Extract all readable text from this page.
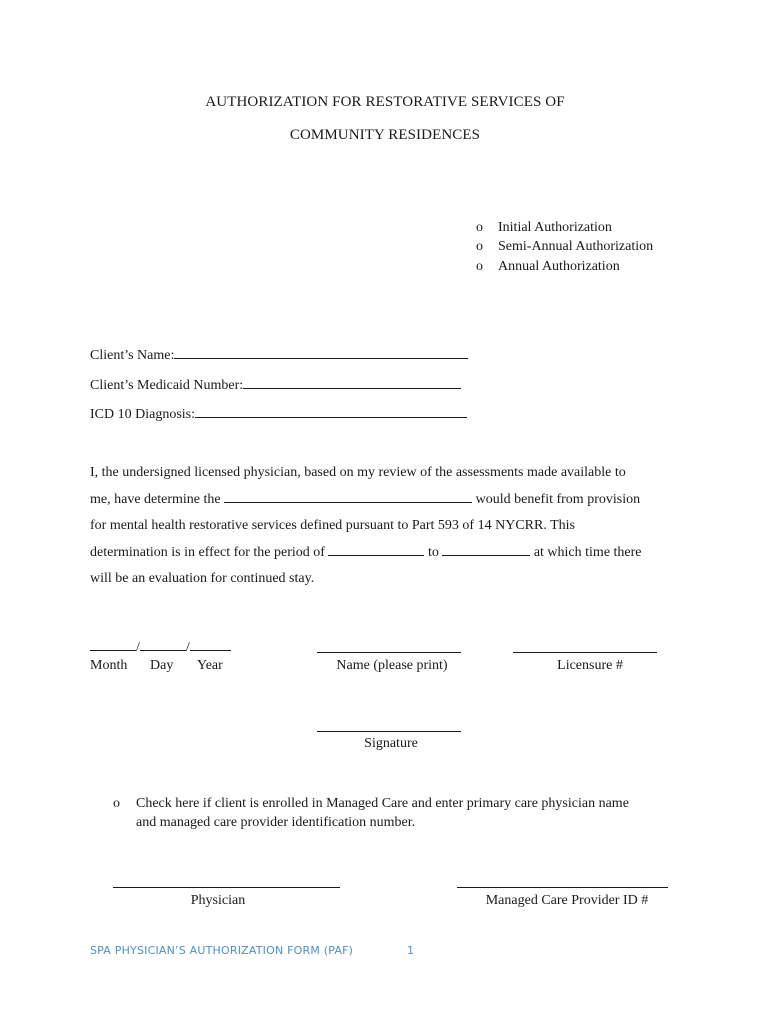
AUTHORIZATION FOR RESTORATIVE SERVICES OF
COMMUNITY RESIDENCES
o	Initial Authorization
o	Semi-Annual Authorization
o	Annual Authorization
Client’s Name:
Client’s Medicaid Number:
ICD 10 Diagnosis:
I, the undersigned licensed physician, based on my review of the assessments made available to
me, have determine the	would benefit from provision
for mental health restorative services defined pursuant to Part 593 of 14 NYCRR. This
determination is in effect for the period of	to	at which time there
will be an evaluation for continued stay.
/	/
Month Day Year	Name (please print)	Licensure #
Signature
o Check here if client is enrolled in Managed Care and enter primary care physician name
and managed care provider identification number.
Physician	Managed Care Provider ID #
SPA PHYSICIAN’S AUTHORIZATION FORM (PAF)	1
